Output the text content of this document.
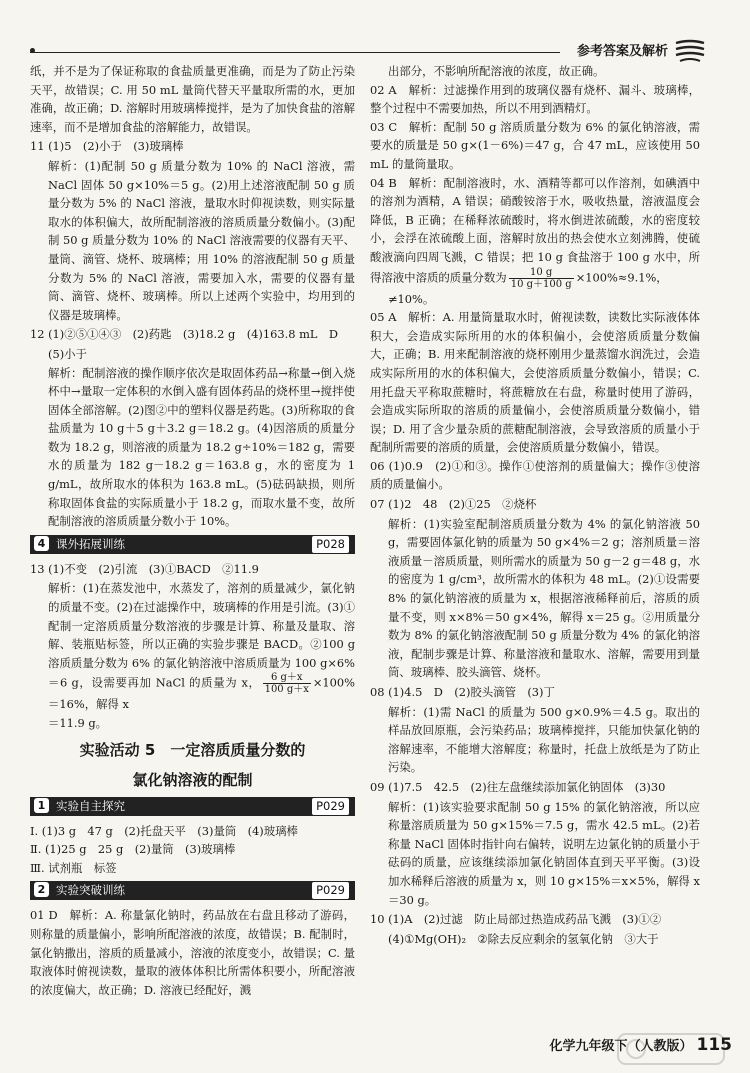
参考答案及解析

纸，并不是为了保证称取的食盐质量更准确，而是为了防止污染天平，故错误；C. 用 50 mL 量筒代替天平量取所需的水，更加准确，故正确；D. 溶解时用玻璃棒搅拌，是为了加快食盐的溶解速率，而不是增加食盐的溶解能力，故错误。

11 (1)5　(2)小于　(3)玻璃棒

解析：(1)配制 50 g 质量分数为 10% 的 NaCl 溶液，需 NaCl 固体 50 g×10%＝5 g。(2)用上述溶液配制 50 g 质量分数为 5% 的 NaCl 溶液，量取水时仰视读数，则实际量取水的体积偏大，故所配制溶液的溶质质量分数偏小。(3)配制 50 g 质量分数为 10% 的 NaCl 溶液需要的仪器有天平、量筒、滴管、烧杯、玻璃棒；用 10% 的溶液配制 50 g 质量分数为 5% 的 NaCl 溶液，需要加入水，需要的仪器有量筒、滴管、烧杯、玻璃棒。所以上述两个实验中，均用到的仪器是玻璃棒。

12 (1)②⑤①④③　(2)药匙　(3)18.2 g　(4)163.8 mL　D

(5)小于

解析：配制溶液的操作顺序依次是取固体药品→称量→倒入烧杯中→量取一定体积的水倒入盛有固体药品的烧杯里→搅拌使固体全部溶解。(2)图②中的塑料仪器是药匙。(3)所称取的食盐质量为 10 g＋5 g＋3.2 g＝18.2 g。(4)因溶质的质量分数为 18.2 g，则溶液的质量为 18.2 g÷10%＝182 g，需要水的质量为 182 g－18.2 g＝163.8 g，水的密度为 1 g/mL，故所取水的体积为 163.8 mL。(5)砝码缺损，则所称取固体食盐的实际质量小于 18.2 g，而取水量不变，故所配制溶液的溶质质量分数小于 10%。

4 课外拓展训练	P028

13 (1)不变　(2)引流　(3)①BACD　②11.9

解析：(1)在蒸发池中，水蒸发了，溶剂的质量减少，氯化钠的质量不变。(2)在过滤操作中，玻璃棒的作用是引流。(3)①配制一定溶质质量分数溶液的步骤是计算、称量及量取、溶解、装瓶贴标签，所以正确的实验步骤是 BACD。②100 g 溶质质量分数为 6% 的氯化钠溶液中溶质质量为 100 g×6%＝6 g，设需要再加 NaCl 的质量为 x， $\frac{6 g+x}{100 g+x} \times 100\%=16\%$，解得 x

＝11.9 g。

实验活动 5　一定溶质质量分数的
氯化钠溶液的配制
1 实验自主探究	P029

Ⅰ. (1)3 g　47 g　(2)托盘天平　(3)量筒　(4)玻璃棒

Ⅱ. (1)25 g　25 g　(2)量筒　(3)玻璃棒

Ⅲ. 试剂瓶　标签

2 实验突破训练	P029

01 D　解析：A. 称量氯化钠时，药品放在右盘且移动了游码，则称量的质量偏小，影响所配溶液的浓度，故错误；B. 配制时，氯化钠撒出，溶质的质量减小，溶液的浓度变小，故错误；C. 量取液体时俯视读数，量取的液体体积比所需体积要小，所配溶液的浓度偏大，故正确；D. 溶液已经配好，溅

出部分，不影响所配溶液的浓度，故正确。

02 A　解析：过滤操作用到的玻璃仪器有烧杯、漏斗、玻璃棒，整个过程中不需要加热，所以不用到酒精灯。

03 C　解析：配制 50 g 溶质质量分数为 6% 的氯化钠溶液，需要水的质量是 50 g×(1－6%)＝47 g，合 47 mL，应该使用 50 mL 的量筒量取。

04 B　解析：配制溶液时，水、酒精等都可以作溶剂，如碘酒中的溶剂为酒精，A 错误；硝酸铵溶于水，吸收热量，溶液温度会降低，B 正确；在稀释浓硫酸时，将水倒进浓硫酸，水的密度较小，会浮在浓硫酸上面，溶解时放出的热会使水立刻沸腾，使硫酸液滴向四周飞溅，C 错误；把 10 g 食盐溶于 100 g 水中，所得溶液中溶质的质量分数为 $\frac{10 g}{10 g+100 g} \times 100\%\approx 9.1\%$，

≠10%。

05 A　解析：A. 用量筒量取水时，俯视读数，读数比实际液体体积大，会造成实际所用的水的体积偏小，会使溶质质量分数偏大，正确；B. 用来配制溶液的烧杯刚用少量蒸馏水润洗过，会造成实际所用的水的体积偏大，会使溶质质量分数偏小，错误；C. 用托盘天平称取蔗糖时，将蔗糖放在右盘，称量时使用了游码，会造成实际所取的溶质的质量偏小，会使溶质质量分数偏小，错误；D. 用了含少量杂质的蔗糖配制溶液，会导致溶质的质量小于配制所需要的溶质的质量，会使溶质质量分数偏小，错误。

06 (1)0.9　(2)①和③。操作①使溶剂的质量偏大；操作③使溶质的质量偏小。

07 (1)2　48　(2)①25　②烧杯

解析：(1)实验室配制溶质质量分数为 4% 的氯化钠溶液 50 g，需要固体氯化钠的质量为 50 g×4%＝2 g；溶剂质量＝溶液质量－溶质质量，则所需水的质量为 50 g－2 g＝48 g，水的密度为 1 g/cm³，故所需水的体积为 48 mL。(2)①设需要 8% 的氯化钠溶液的质量为 x，根据溶液稀释前后，溶质的质量不变，则 x×8%＝50 g×4%，解得 x＝25 g。②用质量分数为 8% 的氯化钠溶液配制 50 g 质量分数为 4% 的氯化钠溶液，配制步骤是计算、称量溶液和量取水、溶解，需要用到量筒、玻璃棒、胶头滴管、烧杯。

08 (1)4.5　D　(2)胶头滴管　(3)丁

解析：(1)需 NaCl 的质量为 500 g×0.9%＝4.5 g。取出的样品放回原瓶，会污染药品；玻璃棒搅拌，只能加快氯化钠的溶解速率，不能增大溶解度；称量时，托盘上放纸是为了防止污染。

09 (1)7.5　42.5　(2)往左盘继续添加氯化钠固体　(3)30

解析：(1)该实验要求配制 50 g 15% 的氯化钠溶液，所以应称量溶质质量为 50 g×15%＝7.5 g，需水 42.5 mL。(2)若称量 NaCl 固体时指针向右偏转，说明左边氯化钠的质量小于砝码的质量，应该继续添加氯化钠固体直到天平平衡。(3)设加水稀释后溶液的质量为 x，则 10 g×15%＝x×5%，解得 x＝30 g。

10 (1)A　(2)过滤　防止局部过热造成药品飞溅　(3)①②

(4)①Mg(OH)₂　②除去反应剩余的氢氧化钠　③大于

化学九年级下（人教版） 115
